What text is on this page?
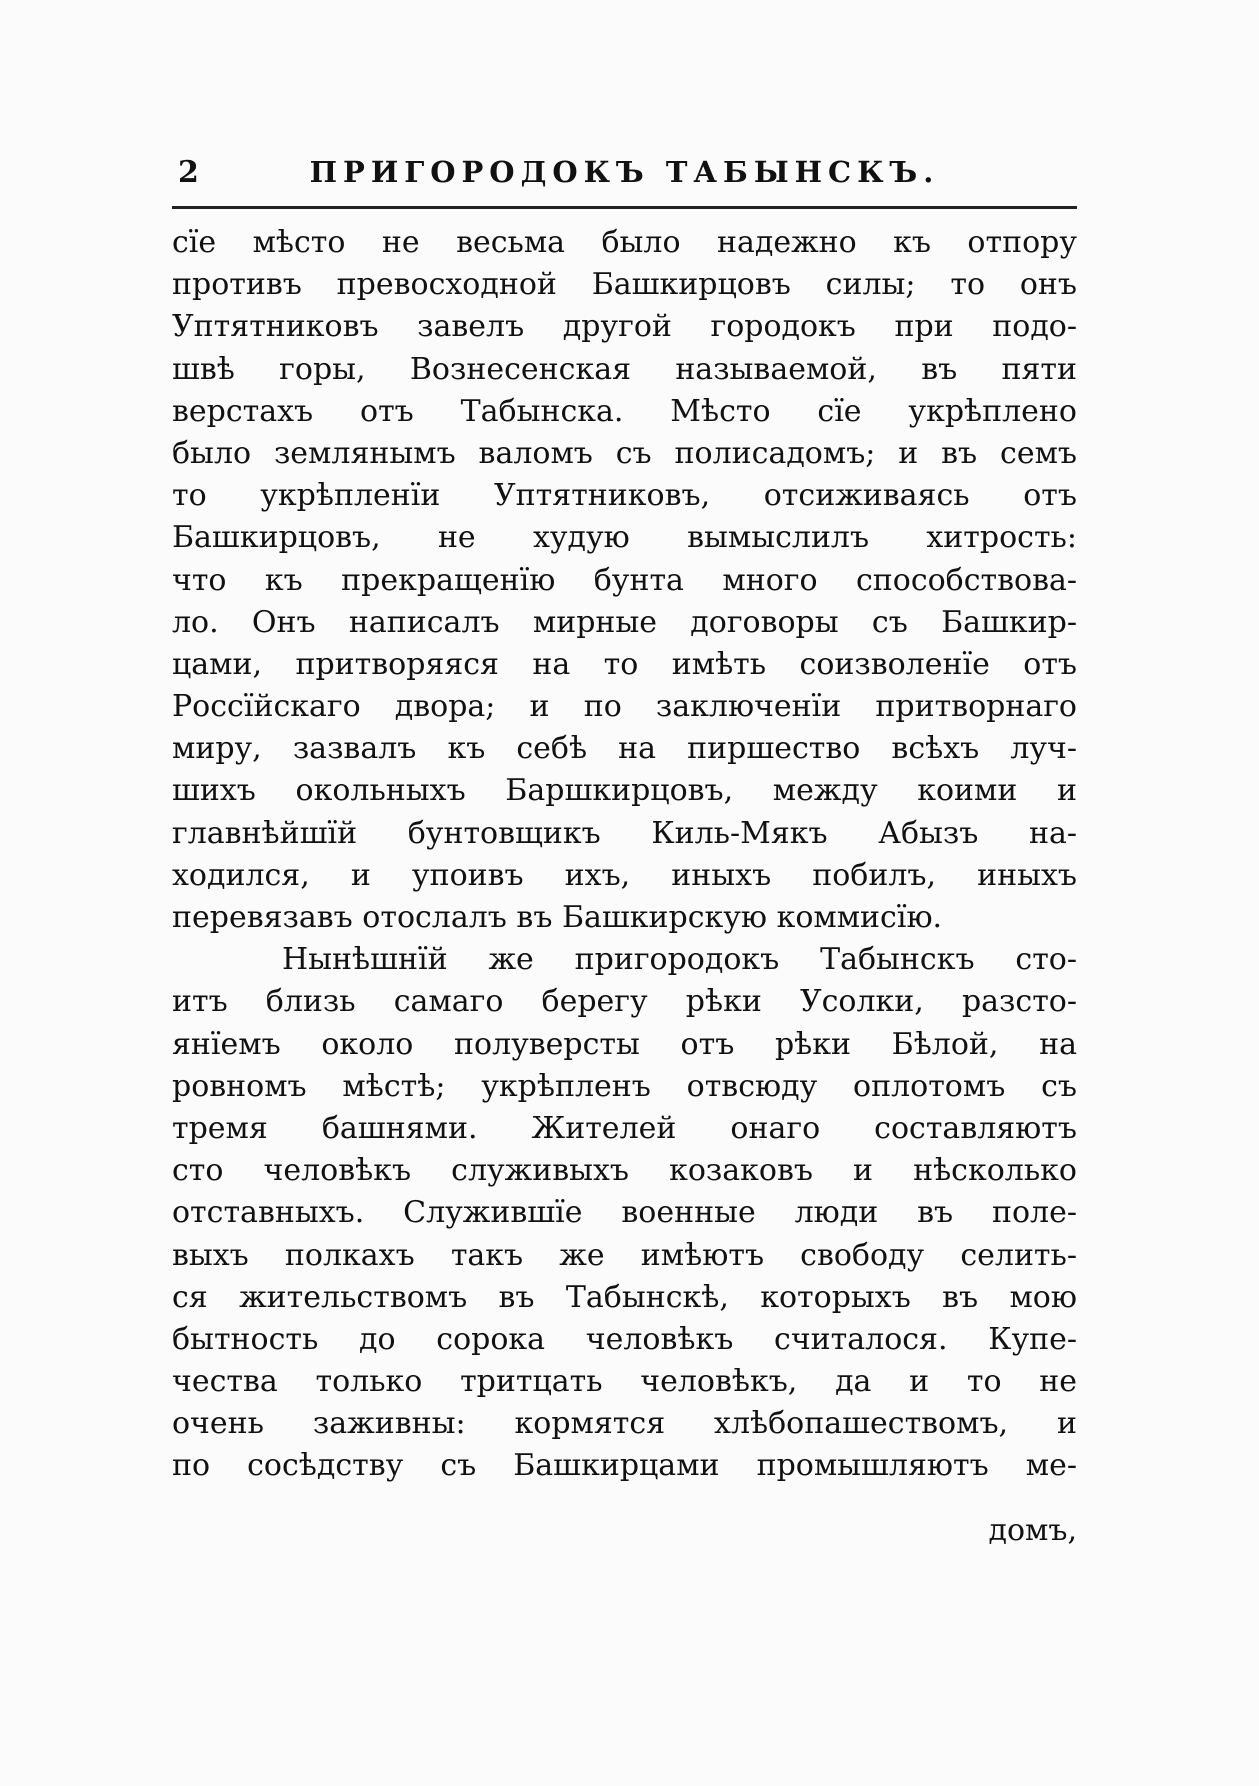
2	ПРИГОРОДОКЪ ТАБЫНСКЪ.
сїе мѣсто не весьма было надежно къ отпору
противъ превосходной Башкирцовъ силы; то онъ
Уптятниковъ завелъ другой городокъ при подо-
швѣ горы, Вознесенская называемой, въ пяти
верстахъ отъ Табынска. Мѣсто сїе укрѣплено
было землянымъ валомъ съ полисадомъ; и въ семъ
то укрѣпленїи Уптятниковъ, отсиживаясь отъ
Башкирцовъ, не худую вымыслилъ хитрость:
что къ прекращенїю бунта много способствова-
ло. Онъ написалъ мирные договоры съ Башкир-
цами, притворяяся на то имѣть соизволенїе отъ
Россїйскаго двора; и по заключенїи притворнаго
миру, зазвалъ къ себѣ на пиршество всѣхъ луч-
шихъ окольныхъ Баршкирцовъ, между коими и
главнѣйшїй бунтовщикъ Киль-Мякъ Абызъ на-
ходился, и упоивъ ихъ, иныхъ побилъ, иныхъ
перевязавъ отослалъ въ Башкирскую коммисїю.
Нынѣшнїй же пригородокъ Табынскъ сто-
итъ близь самаго берегу рѣки Усолки, разсто-
янїемъ около полуверсты отъ рѣки Бѣлой, на
ровномъ мѣстѣ; укрѣпленъ отвсюду оплотомъ съ
тремя башнями. Жителей онаго составляютъ
сто человѣкъ служивыхъ козаковъ и нѣсколько
отставныхъ. Служившїе военные люди въ поле-
выхъ полкахъ такъ же имѣютъ свободу селить-
ся жительствомъ въ Табынскѣ, которыхъ въ мою
бытность до сорока человѣкъ считалося. Купе-
чества только тритцать человѣкъ, да и то не
очень заживны: кормятся хлѣбопашествомъ, и
по сосѣдству съ Башкирцами промышляютъ ме-
домъ,
